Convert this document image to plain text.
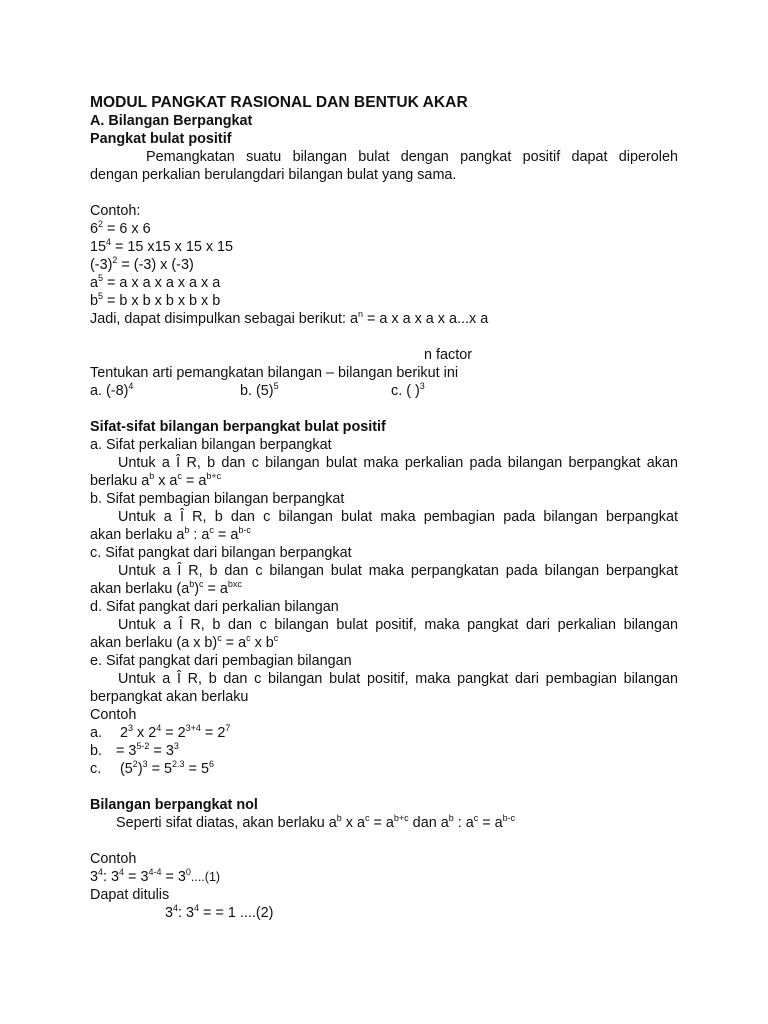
MODUL PANGKAT RASIONAL DAN BENTUK AKAR
A. Bilangan Berpangkat
Pangkat bulat positif
Pemangkatan suatu bilangan bulat dengan pangkat positif dapat diperoleh
dengan perkalian berulangdari bilangan bulat yang sama.
Contoh:
$6^2 = 6$ x 6
$15^4 = 15$ x15 x 15 x 15
$(-3)^2 = (-3)$ x (-3)
$a^5 = a$ x a x a x a x a
$b^5 = b$ x b x b x b x b
Jadi, dapat disimpulkan sebagai berikut: $a^n = a$ x a x a x a...x a
n factor
Tentukan arti pemangkatan bilangan – bilangan berikut ini
a. $(-8)^4$	b. $(5)^5$	c. ( )$^3$
Sifat-sifat bilangan berpangkat bulat positif
a. Sifat perkalian bilangan berpangkat
Untuk a Î R, b dan c bilangan bulat maka perkalian pada bilangan berpangkat akan
berlaku $a^b$ x $a^c = a^{b+c}$
b. Sifat pembagian bilangan berpangkat
Untuk a Î R, b dan c bilangan bulat maka pembagian pada bilangan berpangkat
akan berlaku $a^b$ : $a^c = a^{b-c}$
c. Sifat pangkat dari bilangan berpangkat
Untuk a Î R, b dan c bilangan bulat maka perpangkatan pada bilangan berpangkat
akan berlaku $(a^b)^c = a^{bxc}$
d. Sifat pangkat dari perkalian bilangan
Untuk a Î R, b dan c bilangan bulat positif, maka pangkat dari perkalian bilangan
akan berlaku (a x $b)^c = a^c$ x $b^c$
e. Sifat pangkat dari pembagian bilangan
Untuk a Î R, b dan c bilangan bulat positif, maka pangkat dari pembagian bilangan
berpangkat akan berlaku
Contoh
a. $2^3$ x $2^4 = 2^{3+4} = 2^7$
b. = $3^{5-2} = 3^3$
c. $(5^2)^3 = 5^{2.3} = 5^6$
Bilangan berpangkat nol
Seperti sifat diatas, akan berlaku $a^b$ x $a^c = a^{b+c}$ dan $a^b$ : $a^c = a^{b-c}$
Contoh
$3^4$: $3^4 = 3^{4-4} = 3^0....(1)$
Dapat ditulis
$3^4$: $3^4$ = = 1 ....(2)
